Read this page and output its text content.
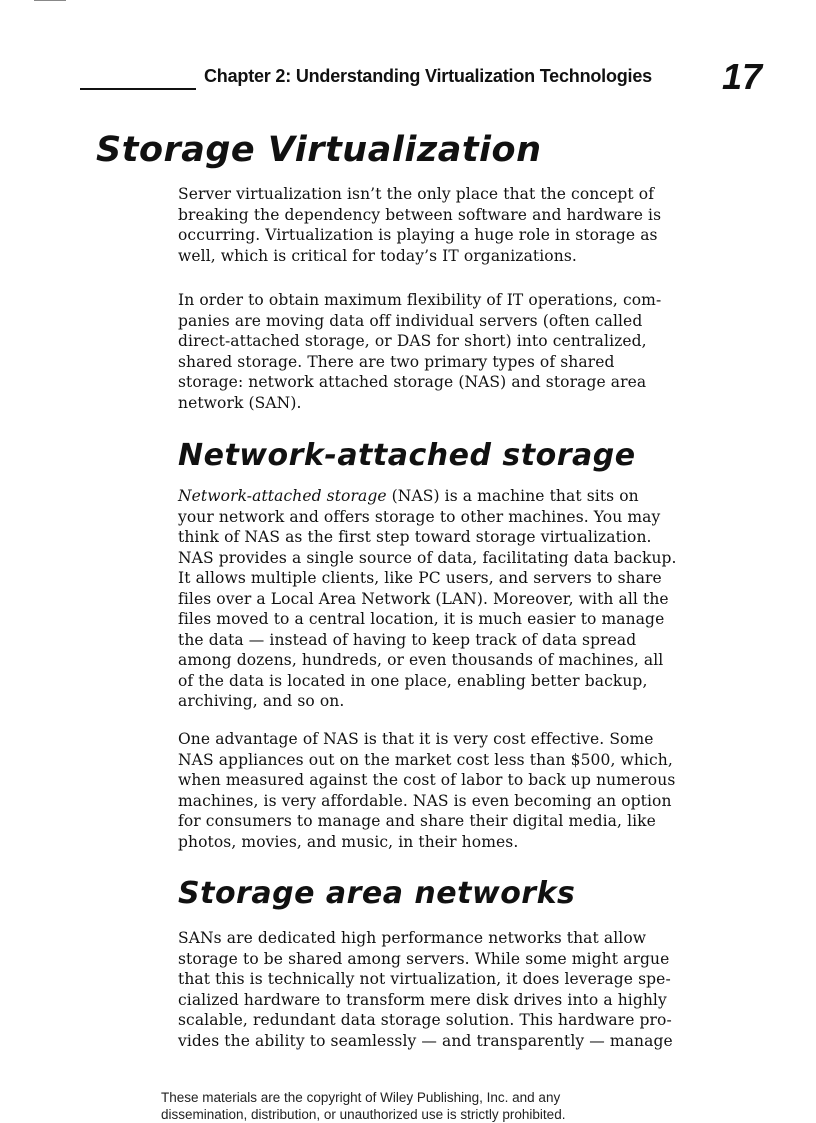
Chapter 2: Understanding Virtualization Technologies 17
Storage Virtualization

Server virtualization isn’t the only place that the concept of
breaking the dependency between software and hardware is
occurring. Virtualization is playing a huge role in storage as
well, which is critical for today’s IT organizations.

In order to obtain maximum flexibility of IT operations, com-
panies are moving data off individual servers (often called
direct-attached storage, or DAS for short) into centralized,
shared storage. There are two primary types of shared
storage: network attached storage (NAS) and storage area
network (SAN).

Network-attached storage

Network-attached storage (NAS) is a machine that sits on
your network and offers storage to other machines. You may
think of NAS as the first step toward storage virtualization.
NAS provides a single source of data, facilitating data backup.
It allows multiple clients, like PC users, and servers to share
files over a Local Area Network (LAN). Moreover, with all the
files moved to a central location, it is much easier to manage
the data — instead of having to keep track of data spread
among dozens, hundreds, or even thousands of machines, all
of the data is located in one place, enabling better backup,
archiving, and so on.

One advantage of NAS is that it is very cost effective. Some
NAS appliances out on the market cost less than $500, which,
when measured against the cost of labor to back up numerous
machines, is very affordable. NAS is even becoming an option
for consumers to manage and share their digital media, like
photos, movies, and music, in their homes.

Storage area networks

SANs are dedicated high performance networks that allow
storage to be shared among servers. While some might argue
that this is technically not virtualization, it does leverage spe-
cialized hardware to transform mere disk drives into a highly
scalable, redundant data storage solution. This hardware pro-
vides the ability to seamlessly — and transparently — manage

These materials are the copyright of Wiley Publishing, Inc. and any
dissemination, distribution, or unauthorized use is strictly prohibited.
